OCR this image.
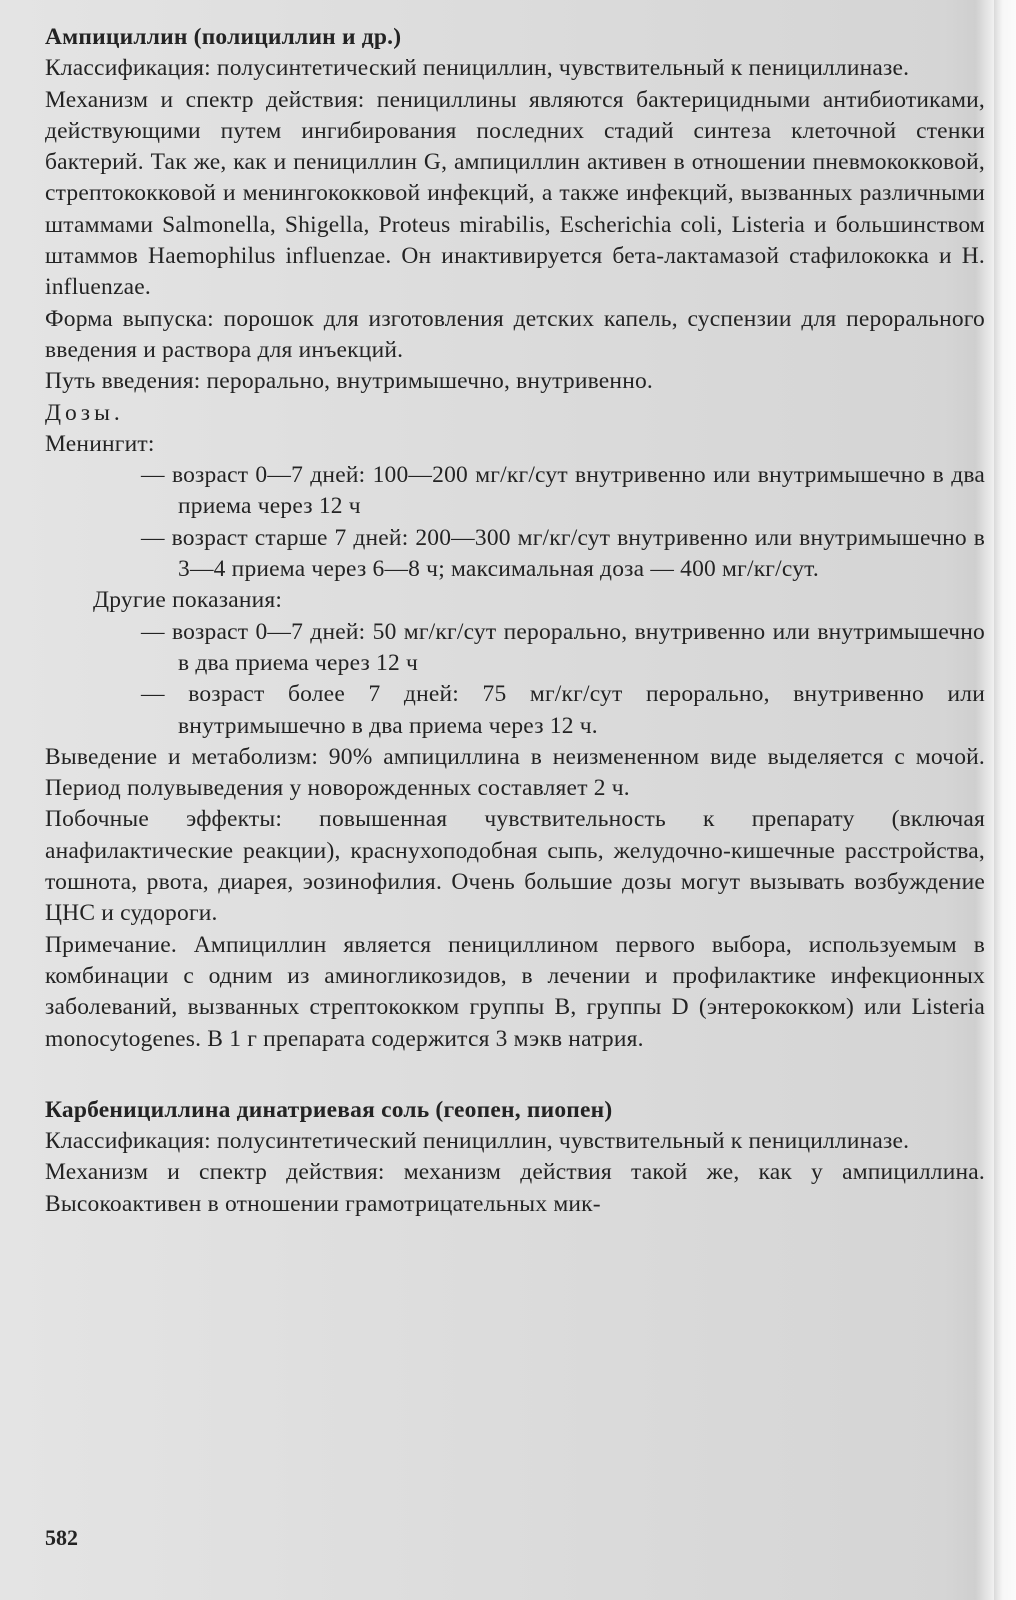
Ампициллин (полициллин и др.)

Классификация: полусинтетический пенициллин, чувствительный к пенициллиназе.

Механизм и спектр действия: пенициллины являются бактерицидными антибиотиками, действующими путем ингибирования последних стадий синтеза клеточной стенки бактерий. Так же, как и пенициллин G, ампициллин активен в отношении пневмококковой, стрептококковой и менингококковой инфекций, а также инфекций, вызванных различными штаммами Salmonella, Shigella, Proteus mirabilis, Escherichia coli, Listeria и большинством штаммов Haemophilus influenzae. Он инактивируется бета-лактамазой стафилококка и H. influenzae.

Форма выпуска: порошок для изготовления детских капель, суспензии для перорального введения и раствора для инъекций.

Путь введения: перорально, внутримышечно, внутривенно.

Дозы.

Менингит:

— возраст 0—7 дней: 100—200 мг/кг/сут внутривенно или внутримышечно в два приема через 12 ч

— возраст старше 7 дней: 200—300 мг/кг/сут внутривенно или внутримышечно в 3—4 приема через 6—8 ч; максимальная доза — 400 мг/кг/сут.

Другие показания:

— возраст 0—7 дней: 50 мг/кг/сут перорально, внутривенно или внутримышечно в два приема через 12 ч

— возраст более 7 дней: 75 мг/кг/сут перорально, внутривенно или внутримышечно в два приема через 12 ч.

Выведение и метаболизм: 90% ампициллина в неизмененном виде выделяется с мочой. Период полувыведения у новорожденных составляет 2 ч.

Побочные эффекты: повышенная чувствительность к препарату (включая анафилактические реакции), краснухоподобная сыпь, желудочно-кишечные расстройства, тошнота, рвота, диарея, эозинофилия. Очень большие дозы могут вызывать возбуждение ЦНС и судороги.

Примечание. Ампициллин является пенициллином первого выбора, используемым в комбинации с одним из аминогликозидов, в лечении и профилактике инфекционных заболеваний, вызванных стрептококком группы B, группы D (энтерококком) или Listeria monocytogenes. В 1 г препарата содержится 3 мэкв натрия.

Карбенициллина динатриевая соль (геопен, пиопен)

Классификация: полусинтетический пенициллин, чувствительный к пенициллиназе.

Механизм и спектр действия: механизм действия такой же, как у ампициллина. Высокоактивен в отношении грамотрицательных мик-

582
